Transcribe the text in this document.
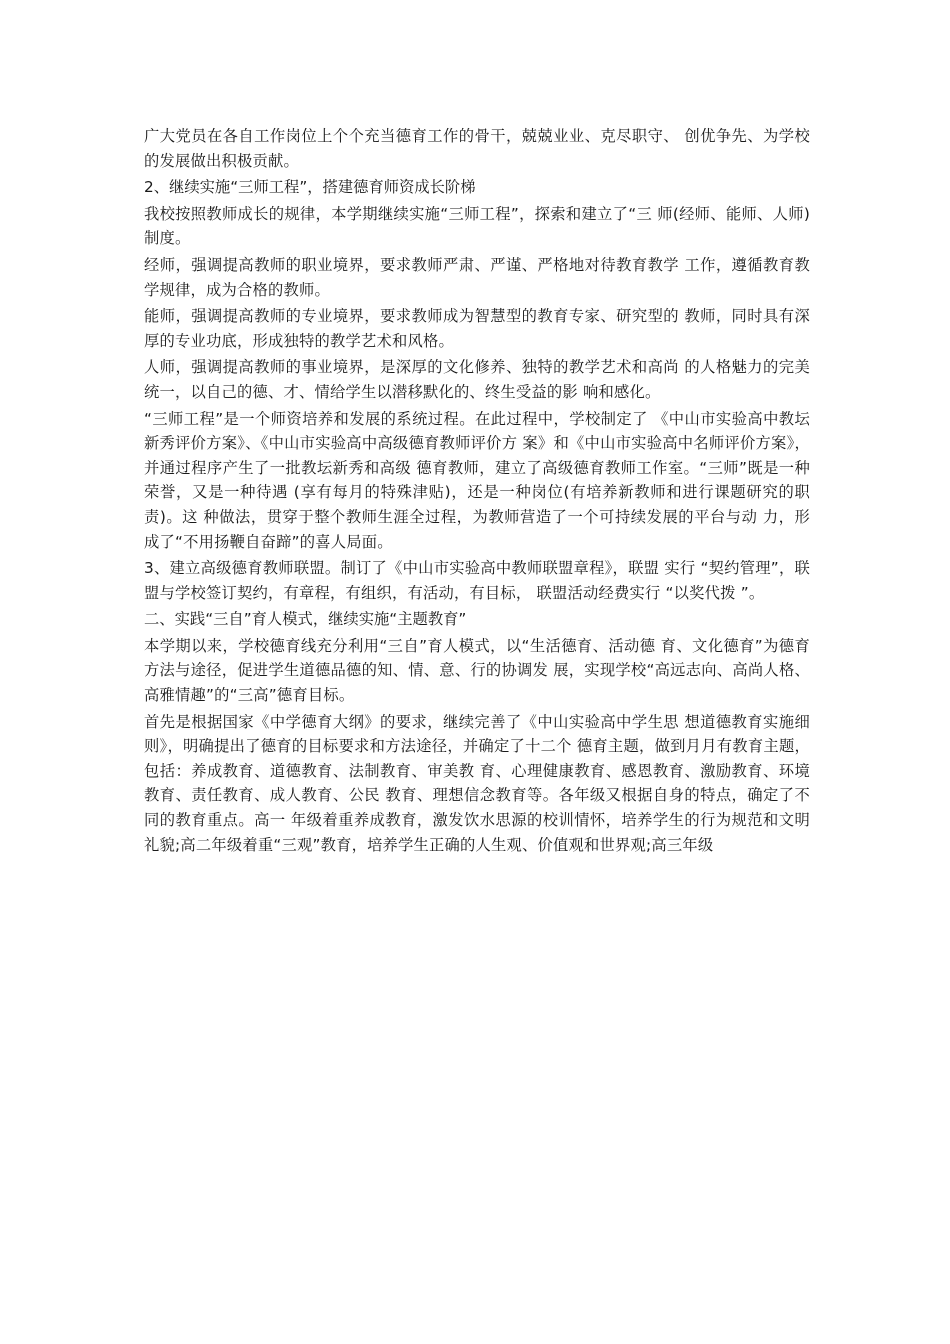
广大党员在各自工作岗位上个个充当德育工作的骨干，兢兢业业、克尽职守、 创优争先、为学校的发展做出积极贡献。

2、继续实施“三师工程”，搭建德育师资成长阶梯

我校按照教师成长的规律，本学期继续实施“三师工程”，探索和建立了“三 师(经师、能师、人师)制度。

经师，强调提高教师的职业境界，要求教师严肃、严谨、严格地对待教育教学 工作，遵循教育教学规律，成为合格的教师。

能师，强调提高教师的专业境界，要求教师成为智慧型的教育专家、研究型的 教师，同时具有深厚的专业功底，形成独特的教学艺术和风格。

人师，强调提高教师的事业境界，是深厚的文化修养、独特的教学艺术和高尚 的人格魅力的完美统一，以自己的德、才、情给学生以潜移默化的、终生受益的影 响和感化。

“三师工程”是一个师资培养和发展的系统过程。在此过程中，学校制定了 《中山市实验高中教坛新秀评价方案》、《中山市实验高中高级德育教师评价方 案》和《中山市实验高中名师评价方案》，并通过程序产生了一批教坛新秀和高级 德育教师，建立了高级德育教师工作室。“三师”既是一种荣誉，又是一种待遇 (享有每月的特殊津贴)，还是一种岗位(有培养新教师和进行课题研究的职责)。这 种做法，贯穿于整个教师生涯全过程，为教师营造了一个可持续发展的平台与动 力，形成了“不用扬鞭自奋蹄”的喜人局面。

3、建立高级德育教师联盟。制订了《中山市实验高中教师联盟章程》，联盟 实行 “契约管理”，联盟与学校签订契约，有章程，有组织，有活动，有目标， 联盟活动经费实行 “以奖代拨 ”。

二、实践“三自”育人模式，继续实施“主题教育”

本学期以来，学校德育线充分利用“三自”育人模式，以“生活德育、活动德 育、文化德育”为德育方法与途径，促进学生道德品德的知、情、意、行的协调发 展，实现学校“高远志向、高尚人格、高雅情趣”的“三高”德育目标。

首先是根据国家《中学德育大纲》的要求，继续完善了《中山实验高中学生思 想道德教育实施细则》，明确提出了德育的目标要求和方法途径，并确定了十二个 德育主题，做到月月有教育主题，包括：养成教育、道德教育、法制教育、审美教 育、心理健康教育、感恩教育、激励教育、环境教育、责任教育、成人教育、公民 教育、理想信念教育等。各年级又根据自身的特点，确定了不同的教育重点。高一 年级着重养成教育，激发饮水思源的校训情怀，培养学生的行为规范和文明礼貌;高二年级着重“三观”教育，培养学生正确的人生观、价值观和世界观;高三年级
